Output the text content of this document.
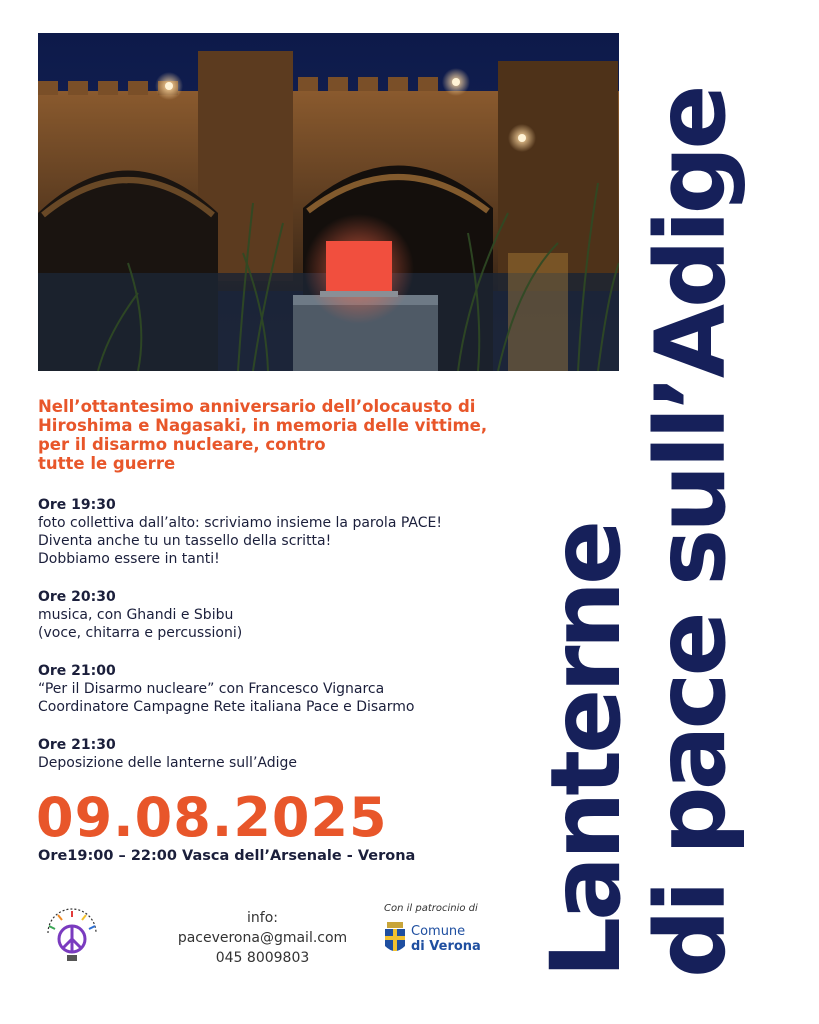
Nell’ottantesimo anniversario dell’olocausto di
Hiroshima e Nagasaki, in memoria delle vittime,
per il disarmo nucleare, contro
tutte le guerre
Ore 19:30
foto collettiva dall’alto: scriviamo insieme la parola PACE!
Diventa anche tu un tassello della scritta!
Dobbiamo essere in tanti!
Ore 20:30
musica, con Ghandi e Sbibu
(voce, chitarra e percussioni)
Ore 21:00
“Per il Disarmo nucleare” con Francesco Vignarca
Coordinatore Campagne Rete italiana Pace e Disarmo
Ore 21:30
Deposizione delle lanterne sull’Adige
09.08.2025
Ore19:00 – 22:00 Vasca dell’Arsenale - Verona
info:
paceverona@gmail.com
045 8009803
Con il patrocinio di
Comune
di Verona Lanterne
di pace sull’Adige
